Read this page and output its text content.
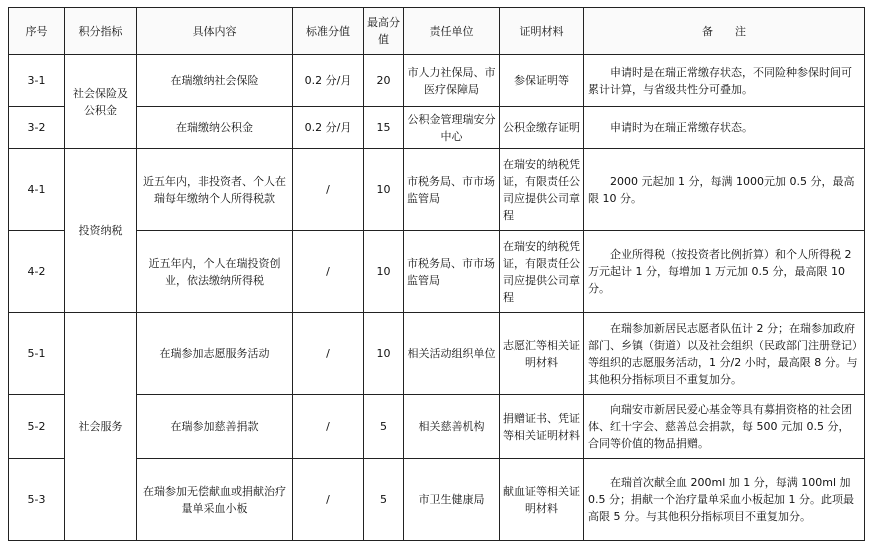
序号	积分指标	具体内容	标准分值	最高分值	责任单位	证明材料	备　　注
3-1	社会保险及公积金	在瑞缴纳社会保险	0.2 分/月	20	市人力社保局、市医疗保障局	参保证明等	申请时是在瑞正常缴存状态，不同险种参保时间可累计计算，与省级共性分可叠加。
3-2		在瑞缴纳公积金	0.2 分/月	15	公积金管理瑞安分中心	公积金缴存证明	申请时为在瑞正常缴存状态。
4-1	投资纳税	近五年内，非投资者、个人在瑞每年缴纳个人所得税款	/	10	市税务局、市市场监管局	在瑞安的纳税凭证，有限责任公司应提供公司章程	2000 元起加 1 分，每满 1000元加 0.5 分，最高限 10 分。
4-2		近五年内，个人在瑞投资创业，依法缴纳所得税	/	10	市税务局、市市场监管局	在瑞安的纳税凭证，有限责任公司应提供公司章程	企业所得税（按投资者比例折算）和个人所得税 2 万元起计 1 分，每增加 1 万元加 0.5 分，最高限 10 分。
5-1	社会服务	在瑞参加志愿服务活动	/	10	相关活动组织单位	志愿汇等相关证明材料	在瑞参加新居民志愿者队伍计 2 分；在瑞参加政府部门、乡镇（街道）以及社会组织（民政部门注册登记）等组织的志愿服务活动，1 分/2 小时，最高限 8 分。与其他积分指标项目不重复加分。
5-2		在瑞参加慈善捐款	/	5	相关慈善机构	捐赠证书、凭证等相关证明材料	向瑞安市新居民爱心基金等具有募捐资格的社会团体、红十字会、慈善总会捐款，每 500 元加 0.5 分，合同等价值的物品捐赠。
5-3		在瑞参加无偿献血或捐献治疗量单采血小板	/	5	市卫生健康局	献血证等相关证明材料	在瑞首次献全血 200ml 加 1 分，每满 100ml 加 0.5 分；捐献一个治疗量单采血小板起加 1 分。此项最高限 5 分。与其他积分指标项目不重复加分。
